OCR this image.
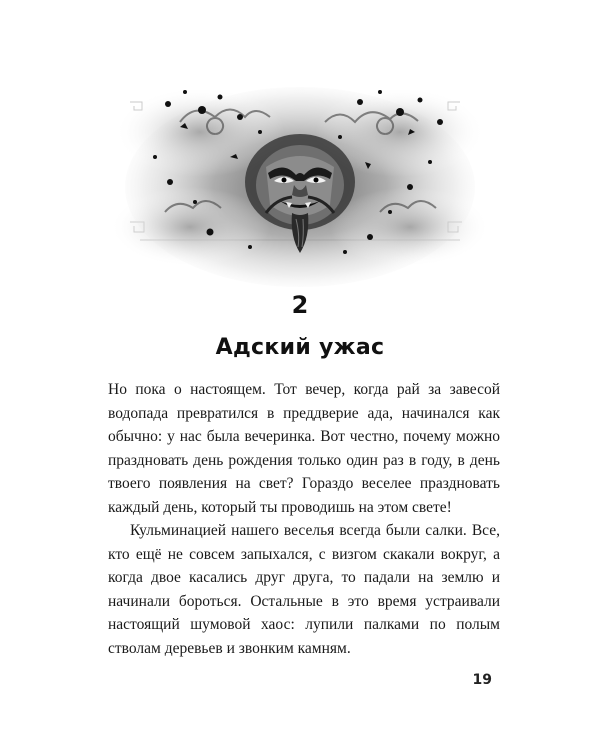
2
Адский ужас

Но пока о настоящем. Тот вечер, когда рай за завесой водопада превратился в преддверие ада, начинался как обычно: у нас была вечеринка. Вот честно, почему можно праздновать день рождения только один раз в году, в день твоего появления на свет? Гораздо веселее праздновать каждый день, который ты проводишь на этом свете!

Кульминацией нашего веселья всегда были салки. Все, кто ещё не совсем запыхался, с визгом скакали вокруг, а когда двое касались друг друга, то падали на землю и начинали бороться. Остальные в это время устраивали настоящий шумовой хаос: лупили палками по полым стволам деревьев и звонким камням.

19
